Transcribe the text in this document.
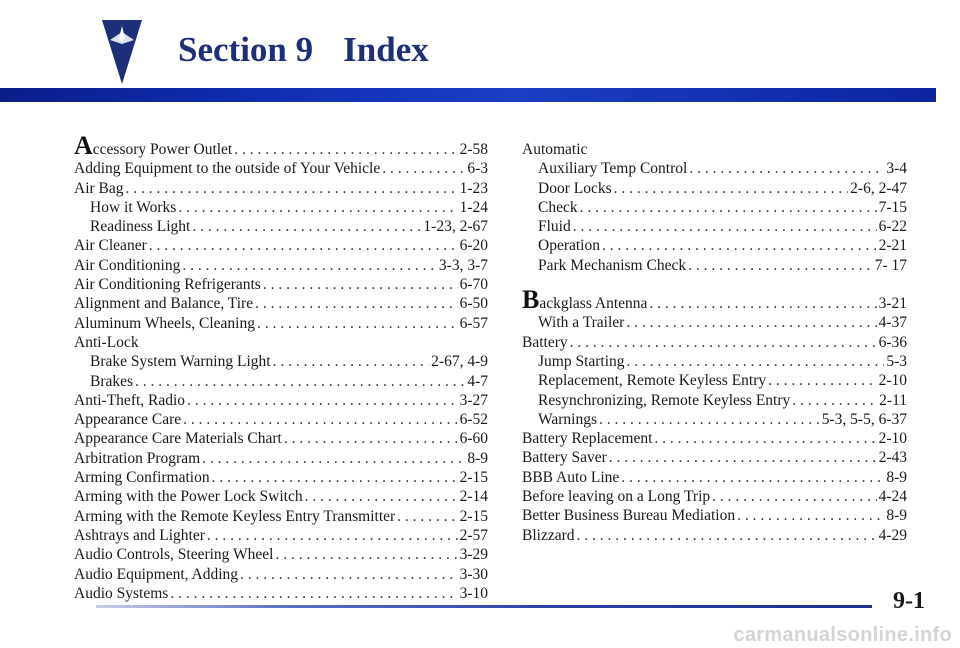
Section 9 Index
Accessory Power Outlet . . .	2-58
Adding Equipment to the outside of Your Vehicle . . .	6-3
Air Bag . . .	1-23
How it Works . . .	1-24
Readiness Light . . .	1-23, 2-67
Air Cleaner . . .	6-20
Air Conditioning . . .	3-3, 3-7
Air Conditioning Refrigerants . . .	6-70
Alignment and Balance, Tire . . .	6-50
Aluminum Wheels, Cleaning . . .	6-57
Anti-Lock
Brake System Warning Light . . .	2-67, 4-9
Brakes . . .	4-7
Anti-Theft, Radio . . .	3-27
Appearance Care . . .	6-52
Appearance Care Materials Chart . . .	6-60
Arbitration Program . . .	8-9
Arming Confirmation . . .	2-15
Arming with the Power Lock Switch . . .	2-14
Arming with the Remote Keyless Entry Transmitter . . .	2-15
Ashtrays and Lighter . . .	2-57
Audio Controls, Steering Wheel . . .	3-29
Audio Equipment, Adding . . .	3-30
Audio Systems . . .	3-10
Automatic
Auxiliary Temp Control . . .	3-4
Door Locks . . .	2-6, 2-47
Check . . .	7-15
Fluid . . .	6-22
Operation . . .	2-21
Park Mechanism Check . . .	7- 17
Backglass Antenna . . .	3-21
With a Trailer . . .	4-37
Battery . . .	6-36
Jump Starting . . .	5-3
Replacement, Remote Keyless Entry . . .	2-10
Resynchronizing, Remote Keyless Entry . . .	2-11
Warnings . . .	5-3, 5-5, 6-37
Battery Replacement . . .	2-10
Battery Saver . . .	2-43
BBB Auto Line . . .	8-9
Before leaving on a Long Trip . . .	4-24
Better Business Bureau Mediation . . .	8-9
Blizzard . . .	4-29

9-1

carmanualsonline.info
